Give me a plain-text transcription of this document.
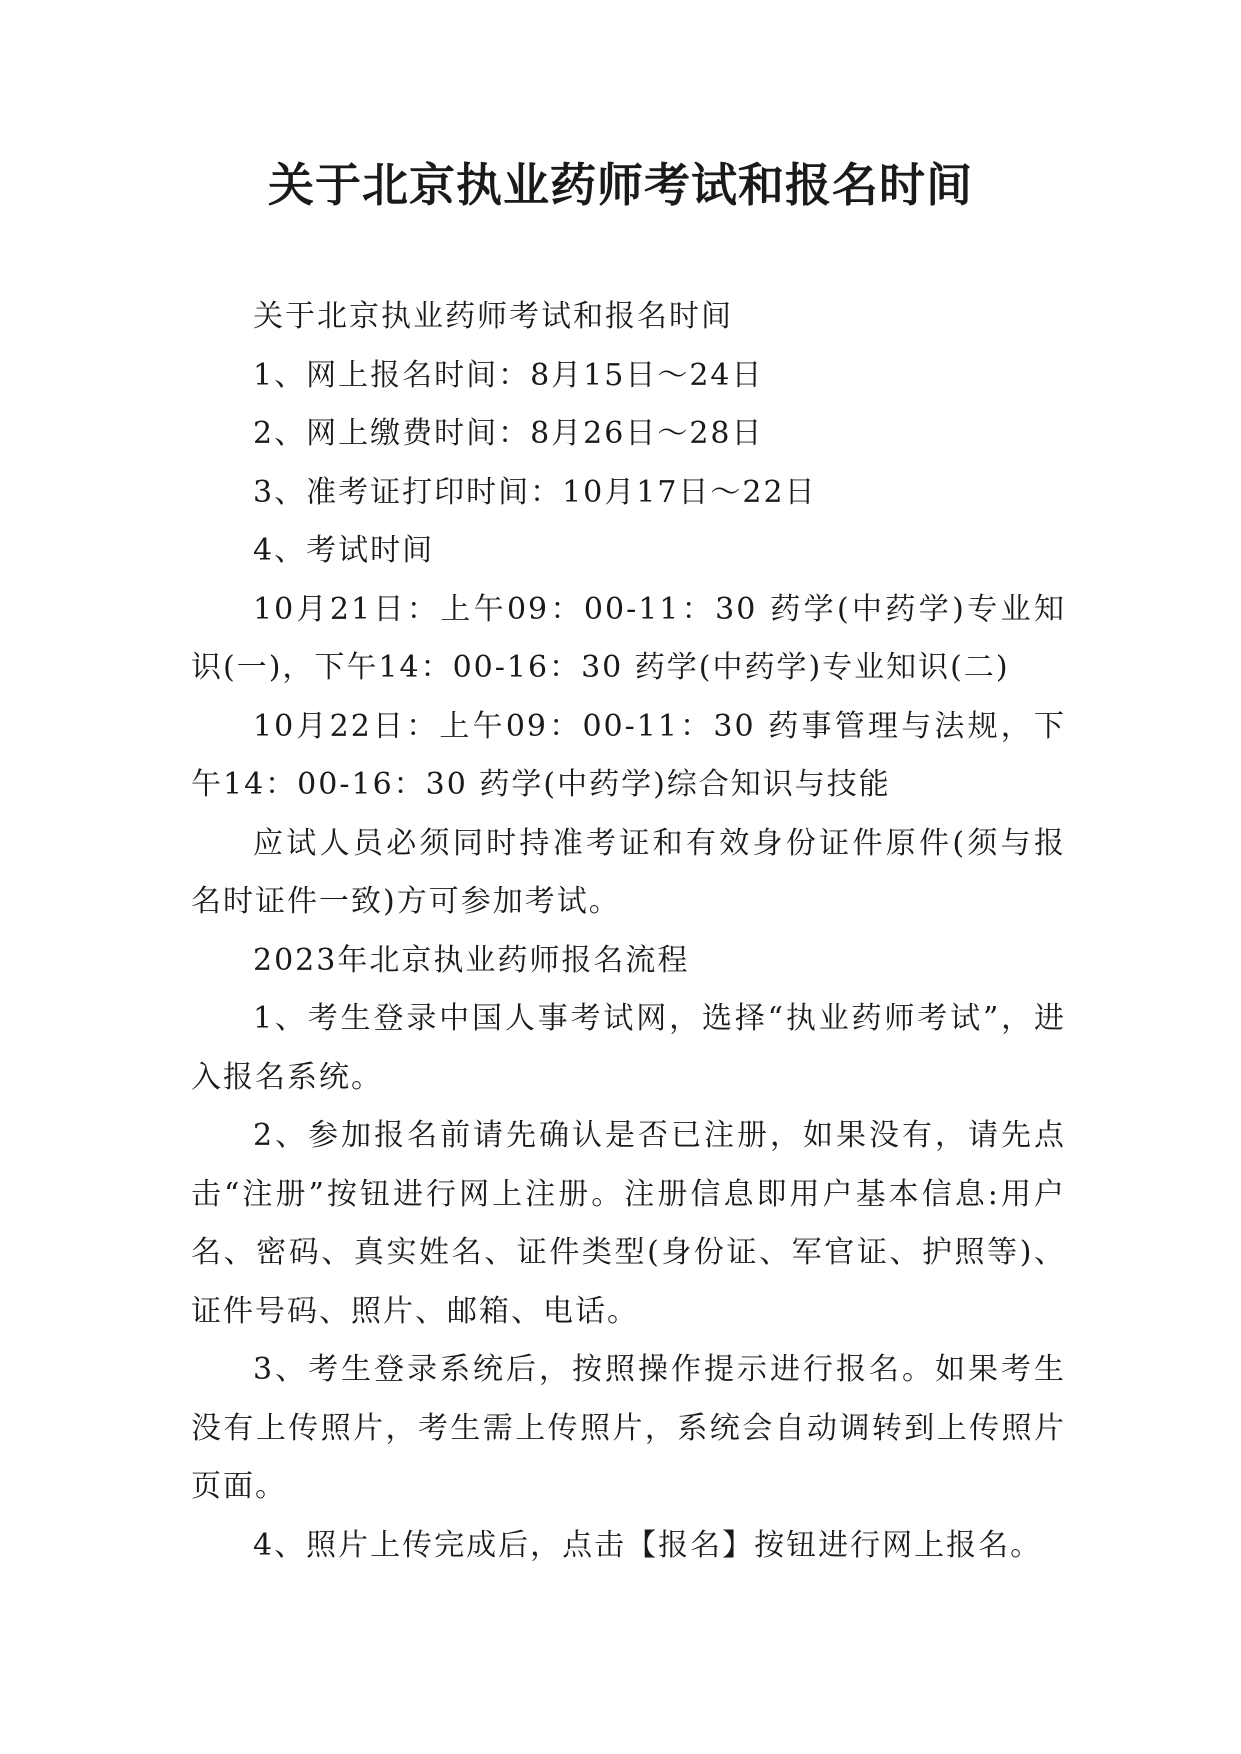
关于北京执业药师考试和报名时间

关于北京执业药师考试和报名时间

1、网上报名时间：8月15日～24日

2、网上缴费时间：8月26日～28日

3、准考证打印时间：10月17日～22日

4、考试时间

10月21日：上午09：00-11：30 药学(中药学)专业知识(一)，下午14：00-16：30 药学(中药学)专业知识(二)

10月22日：上午09：00-11：30 药事管理与法规，下午14：00-16：30 药学(中药学)综合知识与技能

应试人员必须同时持准考证和有效身份证件原件(须与报名时证件一致)方可参加考试。

2023年北京执业药师报名流程

1、考生登录中国人事考试网，选择“执业药师考试”，进入报名系统。

2、参加报名前请先确认是否已注册，如果没有，请先点击“注册”按钮进行网上注册。注册信息即用户基本信息:用户名、密码、真实姓名、证件类型(身份证、军官证、护照等)、证件号码、照片、邮箱、电话。

3、考生登录系统后，按照操作提示进行报名。如果考生没有上传照片，考生需上传照片，系统会自动调转到上传照片页面。

4、照片上传完成后，点击【报名】按钮进行网上报名。
